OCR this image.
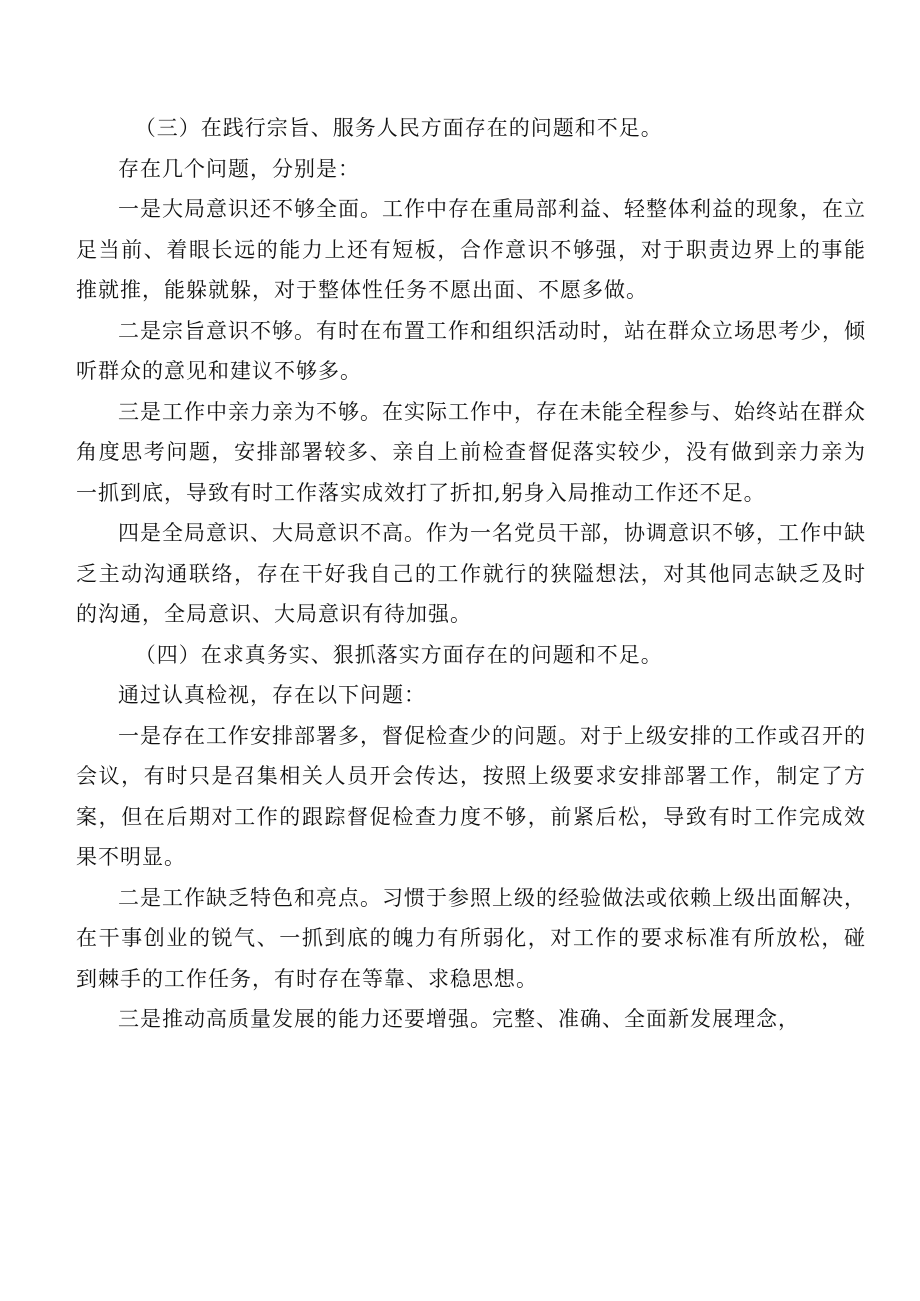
（三）在践行宗旨、服务人民方面存在的问题和不足。

存在几个问题，分别是：

一是大局意识还不够全面。工作中存在重局部利益、轻整体利益的现象，在立足当前、着眼长远的能力上还有短板，合作意识不够强，对于职责边界上的事能推就推，能躲就躲，对于整体性任务不愿出面、不愿多做。

二是宗旨意识不够。有时在布置工作和组织活动时，站在群众立场思考少，倾听群众的意见和建议不够多。

三是工作中亲力亲为不够。在实际工作中，存在未能全程参与、始终站在群众角度思考问题，安排部署较多、亲自上前检查督促落实较少，没有做到亲力亲为一抓到底，导致有时工作落实成效打了折扣,躬身入局推动工作还不足。

四是全局意识、大局意识不高。作为一名党员干部，协调意识不够，工作中缺乏主动沟通联络，存在干好我自己的工作就行的狭隘想法，对其他同志缺乏及时的沟通，全局意识、大局意识有待加强。

（四）在求真务实、狠抓落实方面存在的问题和不足。

通过认真检视，存在以下问题：

一是存在工作安排部署多，督促检查少的问题。对于上级安排的工作或召开的会议，有时只是召集相关人员开会传达，按照上级要求安排部署工作，制定了方案，但在后期对工作的跟踪督促检查力度不够，前紧后松，导致有时工作完成效果不明显。

二是工作缺乏特色和亮点。习惯于参照上级的经验做法或依赖上级出面解决，在干事创业的锐气、一抓到底的魄力有所弱化，对工作的要求标准有所放松，碰到棘手的工作任务，有时存在等靠、求稳思想。

三是推动高质量发展的能力还要增强。完整、准确、全面新发展理念，
